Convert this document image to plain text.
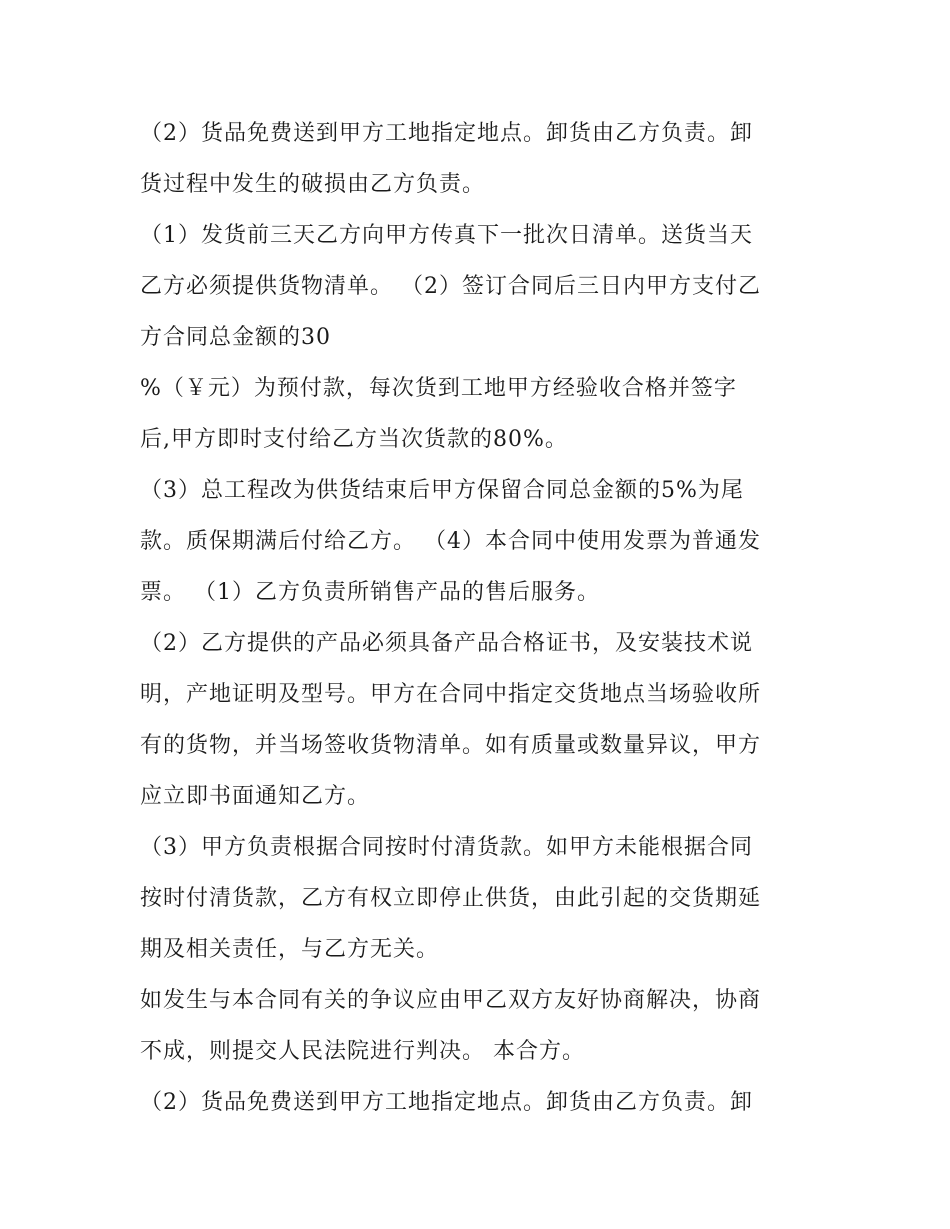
（2）货品免费送到甲方工地指定地点。卸货由乙方负责。卸

货过程中发生的破损由乙方负责。

（1）发货前三天乙方向甲方传真下一批次日清单。送货当天

乙方必须提供货物清单。 （2）签订合同后三日内甲方支付乙

方合同总金额的30

%（￥元）为预付款，每次货到工地甲方经验收合格并签字

后,甲方即时支付给乙方当次货款的80%。

（3）总工程改为供货结束后甲方保留合同总金额的5%为尾

款。质保期满后付给乙方。 （4）本合同中使用发票为普通发

票。 （1）乙方负责所销售产品的售后服务。

（2）乙方提供的产品必须具备产品合格证书，及安装技术说

明，产地证明及型号。甲方在合同中指定交货地点当场验收所

有的货物，并当场签收货物清单。如有质量或数量异议，甲方

应立即书面通知乙方。

（3）甲方负责根据合同按时付清货款。如甲方未能根据合同

按时付清货款，乙方有权立即停止供货，由此引起的交货期延

期及相关责任，与乙方无关。

如发生与本合同有关的争议应由甲乙双方友好协商解决，协商

不成，则提交人民法院进行判决。 本合方。

（2）货品免费送到甲方工地指定地点。卸货由乙方负责。卸
